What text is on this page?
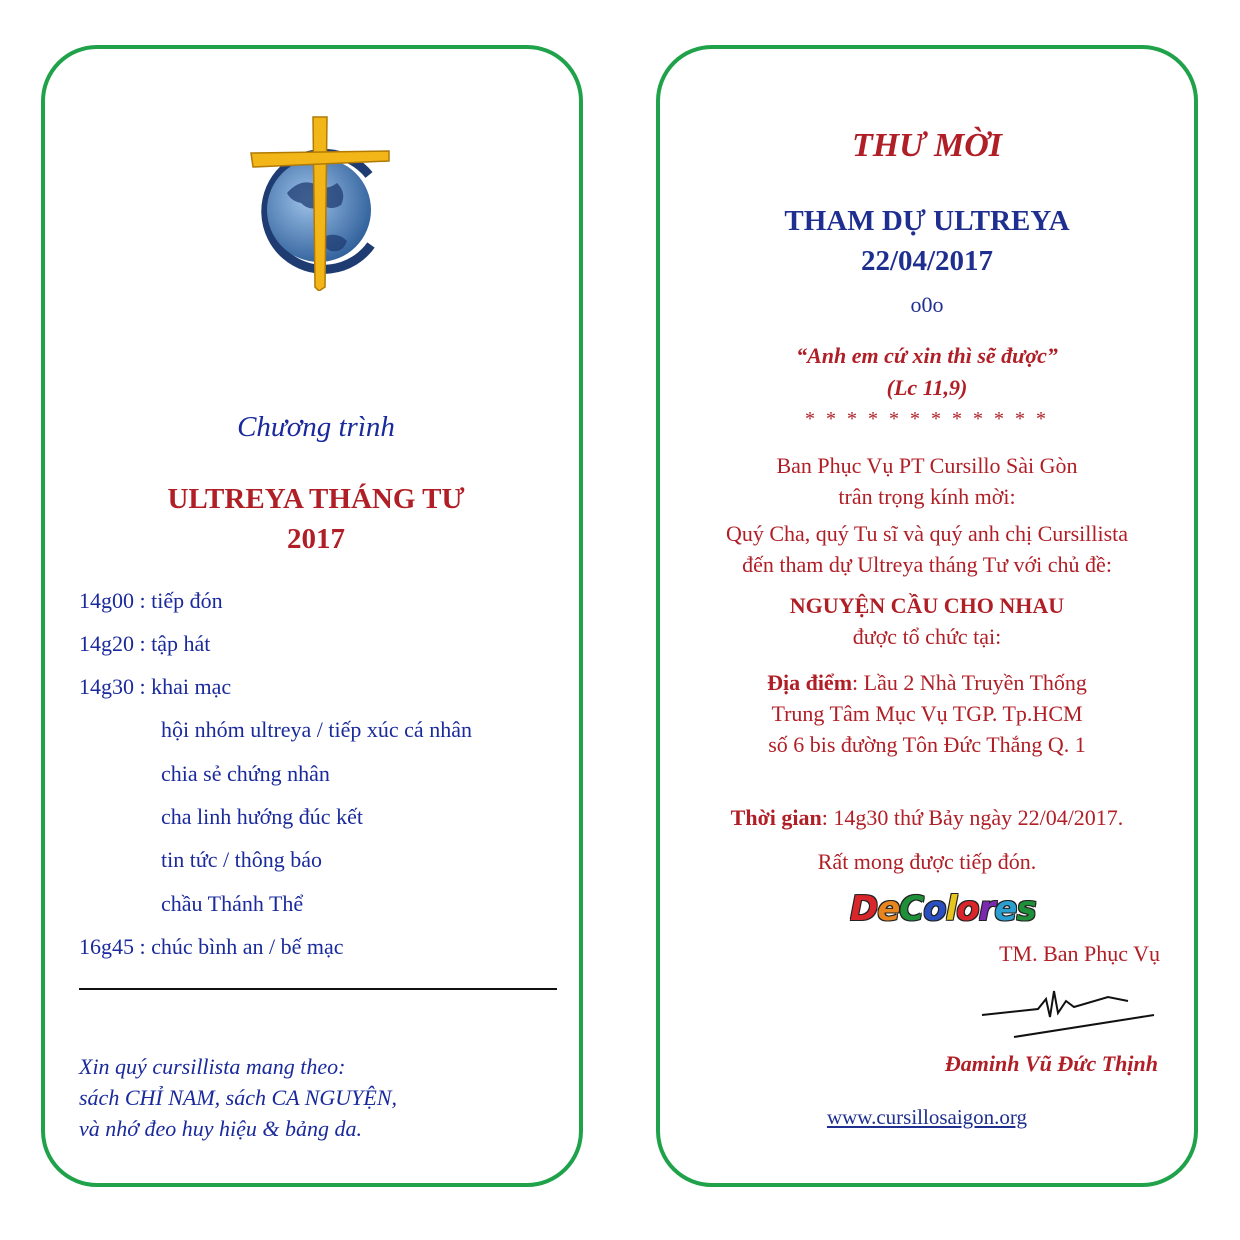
Chương trình
ULTREYA THÁNG TƯ
2017
14g00 : tiếp đón
14g20 : tập hát
14g30 : khai mạc
hội nhóm ultreya / tiếp xúc cá nhân
chia sẻ chứng nhân
cha linh hướng đúc kết
tin tức / thông báo
chầu Thánh Thể
16g45 : chúc bình an / bế mạc
Xin quý cursillista mang theo:
sách CHỈ NAM, sách CA NGUYỆN,
và nhớ đeo huy hiệu & bảng da.
THƯ MỜI
THAM DỰ ULTREYA
22/04/2017
o0o
“Anh em cứ xin thì sẽ được”
(Lc 11,9)
* * * * * * * * * * * *
Ban Phục Vụ PT Cursillo Sài Gòn
trân trọng kính mời:
Quý Cha, quý Tu sĩ và quý anh chị Cursillista
đến tham dự Ultreya tháng Tư với chủ đề:
NGUYỆN CẦU CHO NHAU
được tổ chức tại:
Địa điểm: Lầu 2 Nhà Truyền Thống
Trung Tâm Mục Vụ TGP. Tp.HCM
số 6 bis đường Tôn Đức Thắng Q. 1
Thời gian: 14g30 thứ Bảy ngày 22/04/2017.
Rất mong được tiếp đón.
DeColores
TM. Ban Phục Vụ
Đaminh Vũ Đức Thịnh
www.cursillosaigon.org
